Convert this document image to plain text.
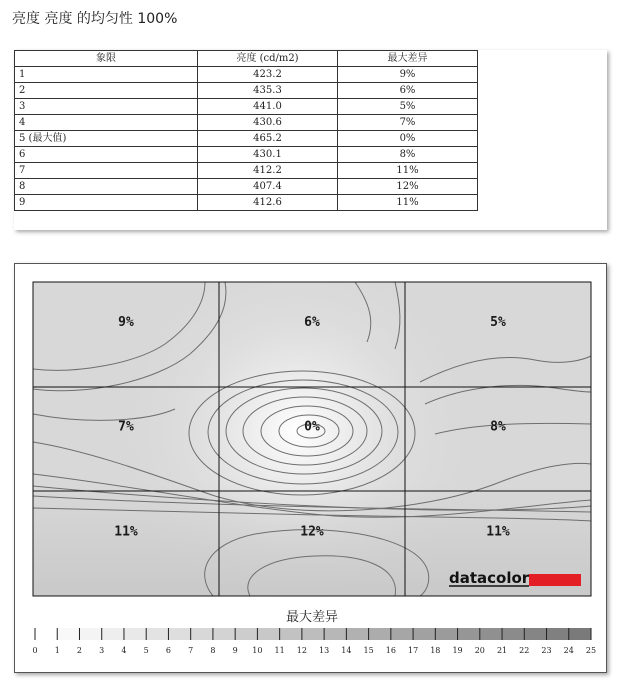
亮度 亮度 的均匀性 100%
象限	亮度 (cd/m2)	最大差异
1	423.2	9%
2	435.3	6%
3	441.0	5%
4	430.6	7%
5 (最大值)	465.2	0%
6	430.1	8%
7	412.2	11%
8	407.4	12%
9	412.6	11%
9%	6%	5%
7%	0%	8%
11%	12%	11%
datacolor
最大差异
0 1 2 3 4 5 6 7 8 9 10 11 12 13 14 15 16 17 18 19 20 21 22 23 24 25
